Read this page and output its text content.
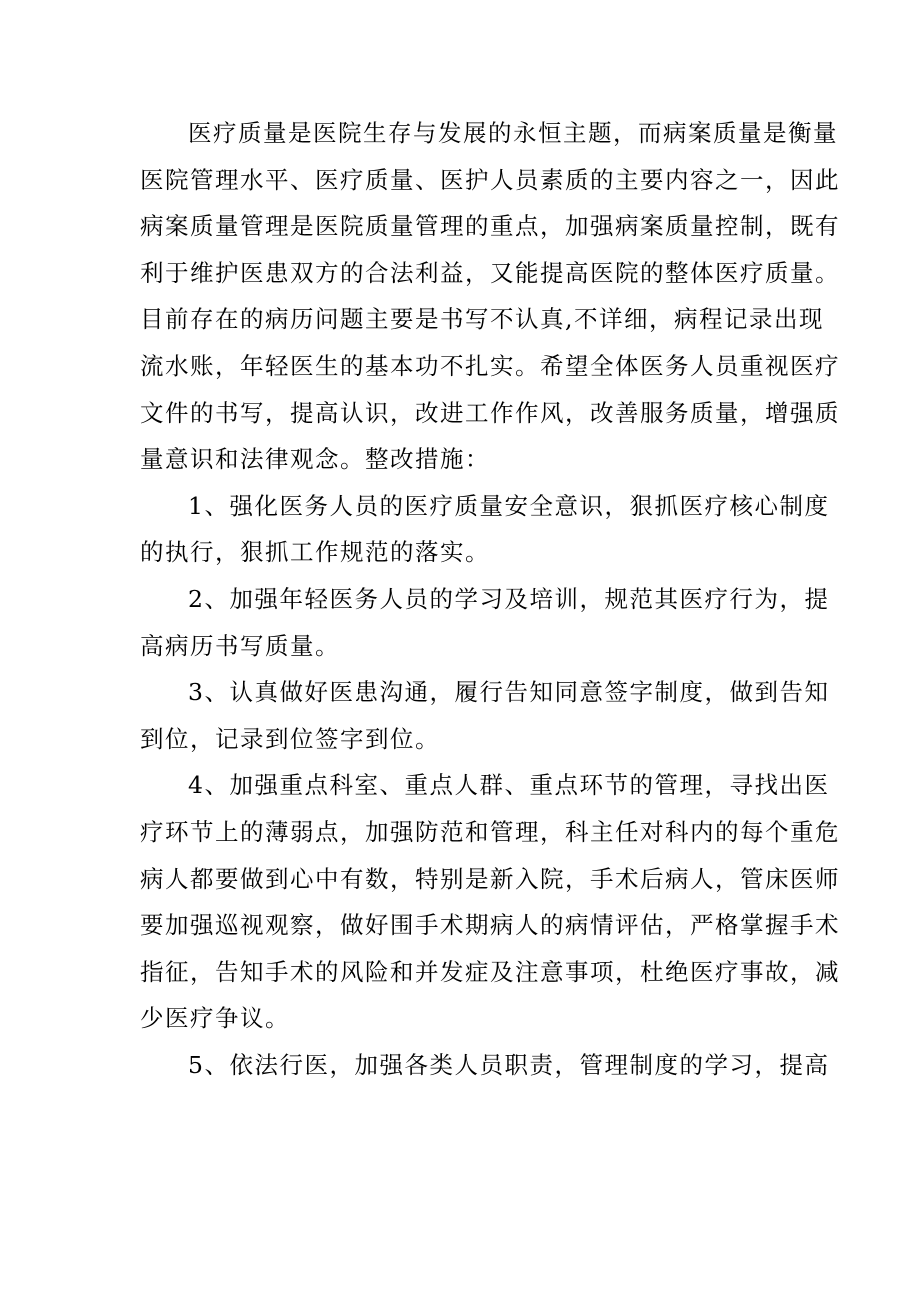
医疗质量是医院生存与发展的永恒主题，而病案质量是衡量
医院管理水平、医疗质量、医护人员素质的主要内容之一，因此
病案质量管理是医院质量管理的重点，加强病案质量控制，既有
利于维护医患双方的合法利益，又能提高医院的整体医疗质量。
目前存在的病历问题主要是书写不认真,不详细，病程记录出现
流水账，年轻医生的基本功不扎实。希望全体医务人员重视医疗
文件的书写，提高认识，改进工作作风，改善服务质量，增强质
量意识和法律观念。整改措施：
1、强化医务人员的医疗质量安全意识，狠抓医疗核心制度
的执行，狠抓工作规范的落实。
2、加强年轻医务人员的学习及培训，规范其医疗行为，提
高病历书写质量。
3、认真做好医患沟通，履行告知同意签字制度，做到告知
到位，记录到位签字到位。
4、加强重点科室、重点人群、重点环节的管理，寻找出医
疗环节上的薄弱点，加强防范和管理，科主任对科内的每个重危
病人都要做到心中有数，特别是新入院，手术后病人，管床医师
要加强巡视观察，做好围手术期病人的病情评估，严格掌握手术
指征，告知手术的风险和并发症及注意事项，杜绝医疗事故，减
少医疗争议。
5、依法行医，加强各类人员职责，管理制度的学习，提高
